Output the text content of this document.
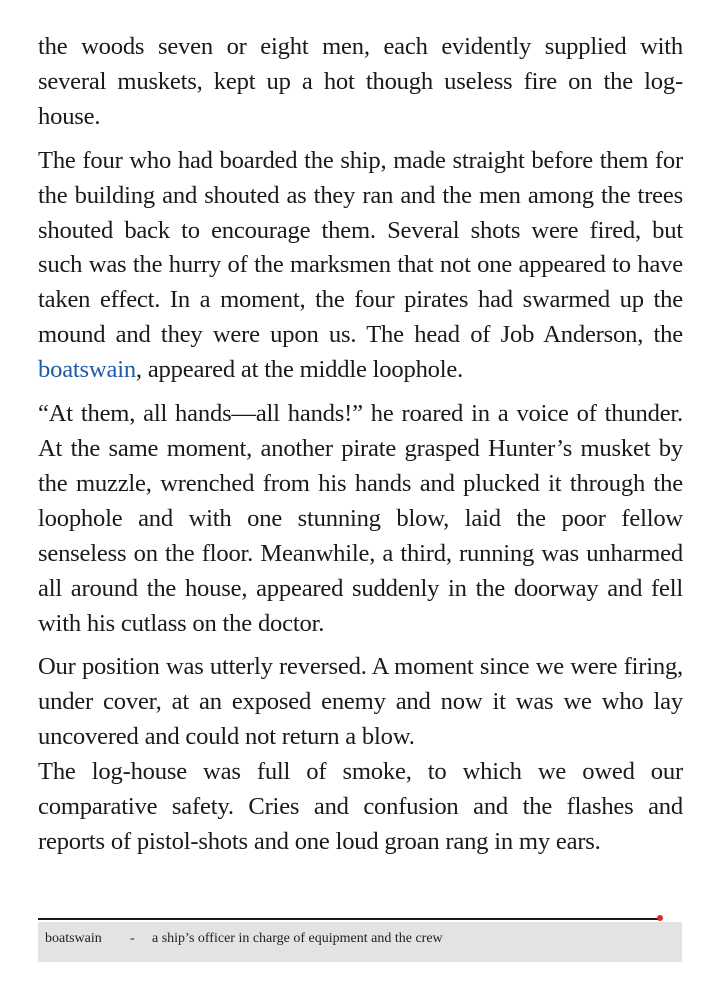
the woods seven or eight men, each evidently supplied with several muskets, kept up a hot though useless fire on the log-house.

The four who had boarded the ship, made straight before them for the building and shouted as they ran and the men among the trees shouted back to encourage them. Several shots were fired, but such was the hurry of the marksmen that not one appeared to have taken effect. In a moment, the four pirates had swarmed up the mound and they were upon us. The head of Job Anderson, the boatswain, appeared at the middle loophole.

“At them, all hands—all hands!” he roared in a voice of thunder. At the same moment, another pirate grasped Hunter’s musket by the muzzle, wrenched from his hands and plucked it through the loophole and with one stunning blow, laid the poor fellow senseless on the floor. Meanwhile, a third, running was unharmed all around the house, appeared suddenly in the doorway and fell with his cutlass on the doctor.

Our position was utterly reversed. A moment since we were firing, under cover, at an exposed enemy and now it was we who lay uncovered and could not return a blow.

The log-house was full of smoke, to which we owed our comparative safety. Cries and confusion and the flashes and reports of pistol-shots and one loud groan rang in my ears.

boatswain - a ship’s officer in charge of equipment and the crew
